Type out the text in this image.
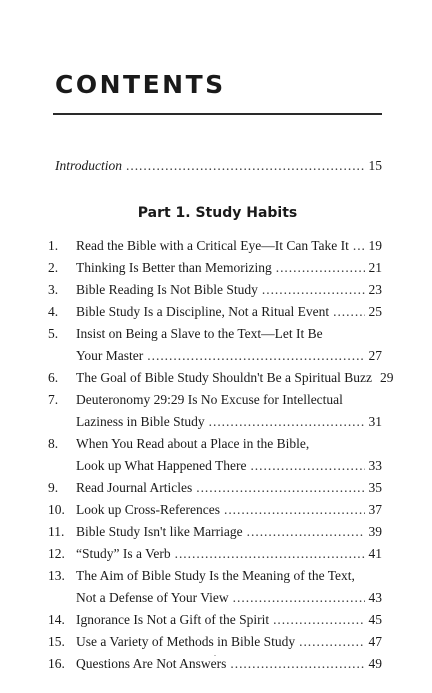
CONTENTS
Introduction . . .	15
Part 1. Study Habits
1.	Read the Bible with a Critical Eye—It Can Take It . . . 19
2.	Thinking Is Better than Memorizing . . .	21
3.	Bible Reading Is Not Bible Study . . .	23
4.	Bible Study Is a Discipline, Not a Ritual Event . . .	25
5.	Insist on Being a Slave to the Text—Let It Be
Your Master . . .	27
6.	The Goal of Bible Study Shouldn't Be a Spiritual Buzz 29
7.	Deuteronomy 29:29 Is No Excuse for Intellectual
Laziness in Bible Study . . .	31
8.	When You Read about a Place in the Bible,
Look up What Happened There . . .	33
9.	Read Journal Articles . . .	35
10. Look up Cross-References . . .	37
11. Bible Study Isn't like Marriage . . .	39
12. “Study” Is a Verb . . .	41
13. The Aim of Bible Study Is the Meaning of the Text,
Not a Defense of Your View . . .	43
14. Ignorance Is Not a Gift of the Spirit . . .	45
15. Use a Variety of Methods in Bible Study . . .	47
16. Questions Are Not Answers . . .	49
